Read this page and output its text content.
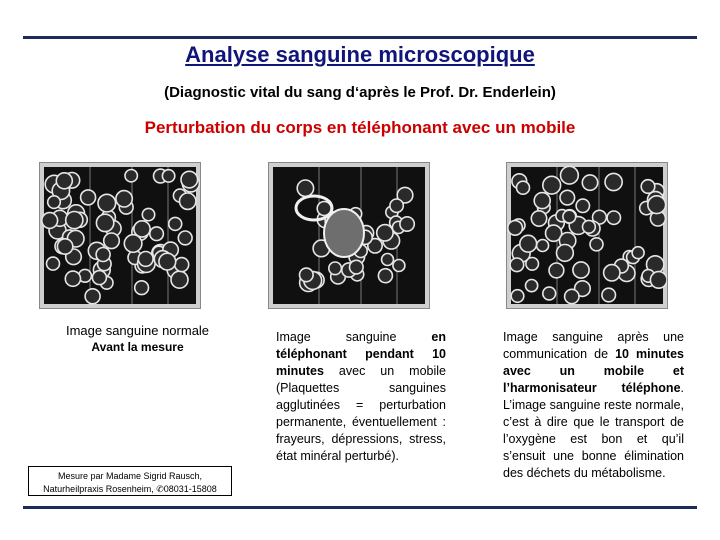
Analyse sanguine microscopique
(Diagnostic vital du sang d‘après le Prof. Dr. Enderlein)
Perturbation du corps en téléphonant avec un mobile
Image sanguine normale
Avant la mesure
Mesure par Madame Sigrid Rausch,
Naturheilpraxis Rosenheim, ✆08031-15808
Image sanguine en téléphonant pendant 10 minutes avec un mobile (Plaquettes sanguines agglutinées = perturbation permanente, éventuellement : frayeurs, dépressions, stress, état minéral perturbé).
Image sanguine après une communication de 10 minutes avec un mobile et l’harmonisateur téléphone. L’image sanguine reste normale, c’est à dire que le transport de l’oxygène est bon et qu’il s’ensuit une bonne élimination des déchets du métabolisme.
